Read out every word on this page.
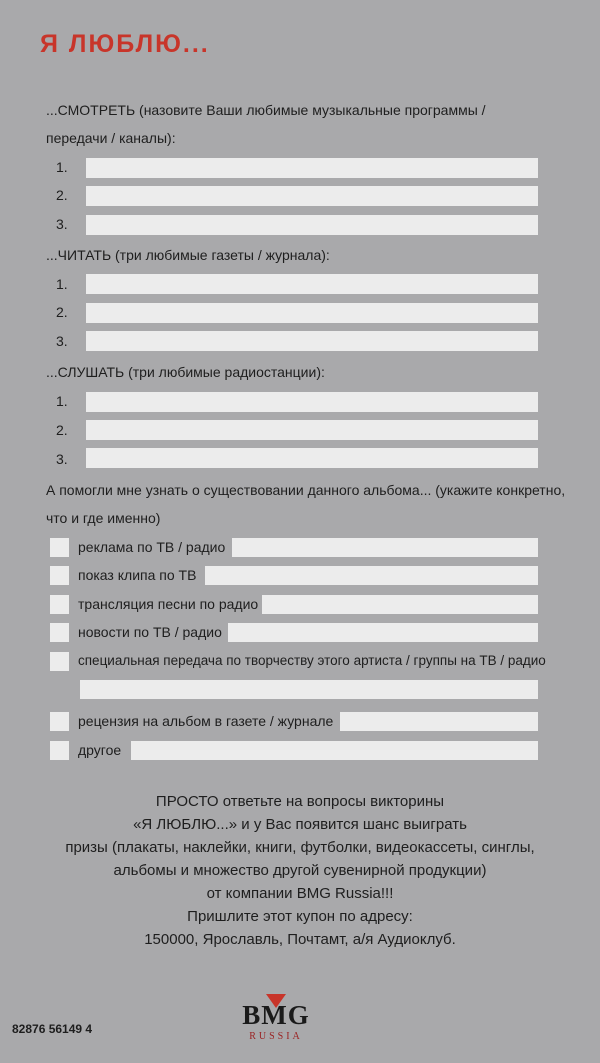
Я ЛЮБЛЮ...
...СМОТРЕТЬ (назовите Ваши любимые музыкальные программы /
передачи / каналы):
1.
2.
3.
...ЧИТАТЬ (три любимые газеты / журнала):
1.
2.
3.
...СЛУШАТЬ (три любимые радиостанции):
1.
2.
3.
А помогли мне узнать о существовании данного альбома... (укажите конкретно,
что и где именно)
реклама по ТВ / радио
показ клипа по ТВ
трансляция песни по радио
новости по ТВ / радио
специальная передача по творчеству этого артиста / группы на ТВ / радио
рецензия на альбом в газете / журнале
другое
ПРОСТО ответьте на вопросы викторины
«Я ЛЮБЛЮ...» и у Вас появится шанс выиграть
призы (плакаты, наклейки, книги, футболки, видеокассеты, синглы,
альбомы и множество другой сувенирной продукции)
от компании BMG Russia!!!
Пришлите этот купон по адресу:
150000, Ярославль, Почтамт, а/я Аудиоклуб.
82876 56149 4	BMG
RUSSIA
